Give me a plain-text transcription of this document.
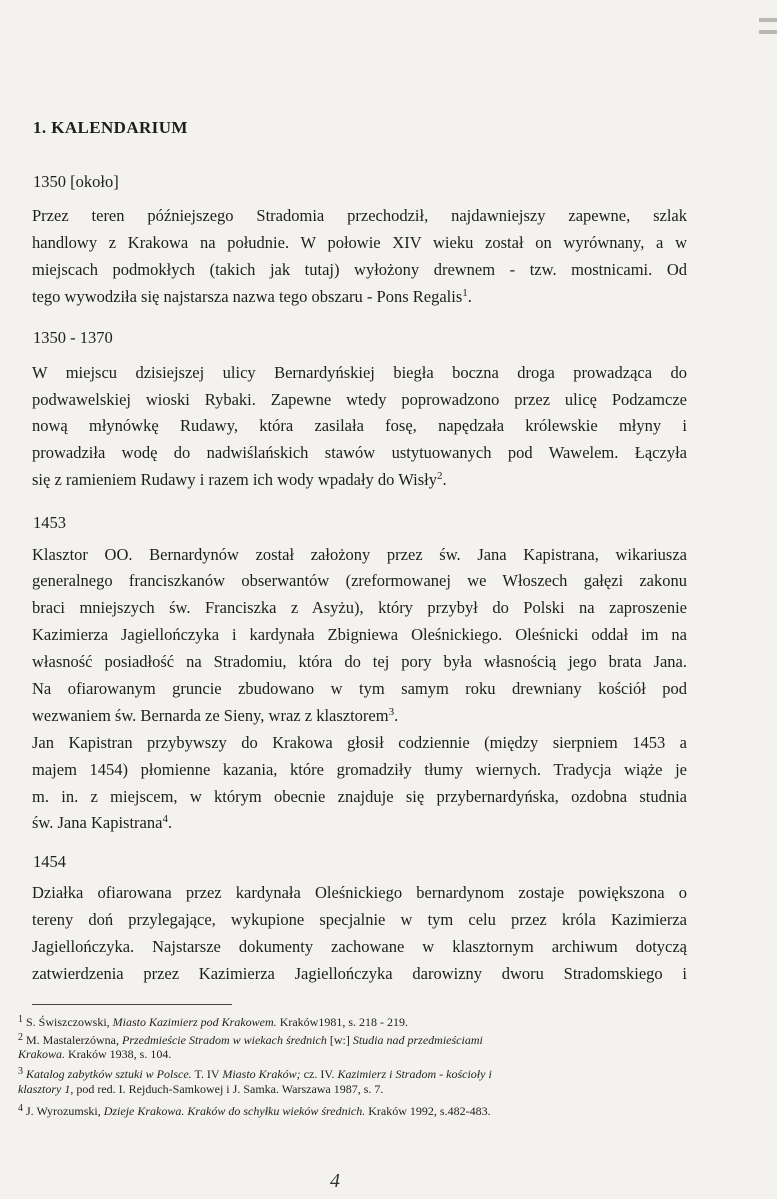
1. KALENDARIUM
1350 [około]
Przez teren późniejszego Stradomia przechodził, najdawniejszy zapewne, szlak
handlowy z Krakowa na południe. W połowie XIV wieku został on wyrównany, a w
miejscach podmokłych (takich jak tutaj) wyłożony drewnem - tzw. mostnicami. Od
tego wywodziła się najstarsza nazwa tego obszaru - Pons Regalis$^1$.
1350 - 1370
W miejscu dzisiejszej ulicy Bernardyńskiej biegła boczna droga prowadząca do
podwawelskiej wioski Rybaki. Zapewne wtedy poprowadzono przez ulicę Podzamcze
nową młynówkę Rudawy, która zasilała fosę, napędzała królewskie młyny i
prowadziła wodę do nadwiślańskich stawów ustytuowanych pod Wawelem. Łączyła
się z ramieniem Rudawy i razem ich wody wpadały do Wisły$^2$.
1453
Klasztor OO. Bernardynów został założony przez św. Jana Kapistrana, wikariusza
generalnego franciszkanów obserwantów (zreformowanej we Włoszech gałęzi zakonu
braci mniejszych św. Franciszka z Asyżu), który przybył do Polski na zaproszenie
Kazimierza Jagiellończyka i kardynała Zbigniewa Oleśnickiego. Oleśnicki oddał im na
własność posiadłość na Stradomiu, która do tej pory była własnością jego brata Jana.
Na ofiarowanym gruncie zbudowano w tym samym roku drewniany kościół pod
wezwaniem św. Bernarda ze Sieny, wraz z klasztorem$^3$.
Jan Kapistran przybywszy do Krakowa głosił codziennie (między sierpniem 1453 a
majem 1454) płomienne kazania, które gromadziły tłumy wiernych. Tradycja wiąże je
m. in. z miejscem, w którym obecnie znajduje się przybernardyńska, ozdobna studnia
św. Jana Kapistrana$^4$.
1454
Działka ofiarowana przez kardynała Oleśnickiego bernardynom zostaje powiększona o
tereny doń przylegające, wykupione specjalnie w tym celu przez króla Kazimierza
Jagiellończyka. Najstarsze dokumenty zachowane w klasztornym archiwum dotyczą
zatwierdzenia przez Kazimierza Jagiellończyka darowizny dworu Stradomskiego i
$^1$ S. Świszczowski, Miasto Kazimierz pod Krakowem. Kraków1981, s. 218 - 219.
$^2$ M. Mastalerzówna, Przedmieście Stradom w wiekach średnich [w:] Studia nad przedmieściami
Krakowa. Kraków 1938, s. 104.
$^3$ Katalog zabytków sztuki w Polsce. T. IV Miasto Kraków; cz. IV. Kazimierz i Stradom - kościoły i
klasztory 1, pod red. I. Rejduch-Samkowej i J. Samka. Warszawa 1987, s. 7.
$^4$ J. Wyrozumski, Dzieje Krakowa. Kraków do schyłku wieków średnich. Kraków 1992, s.482-483.
4
